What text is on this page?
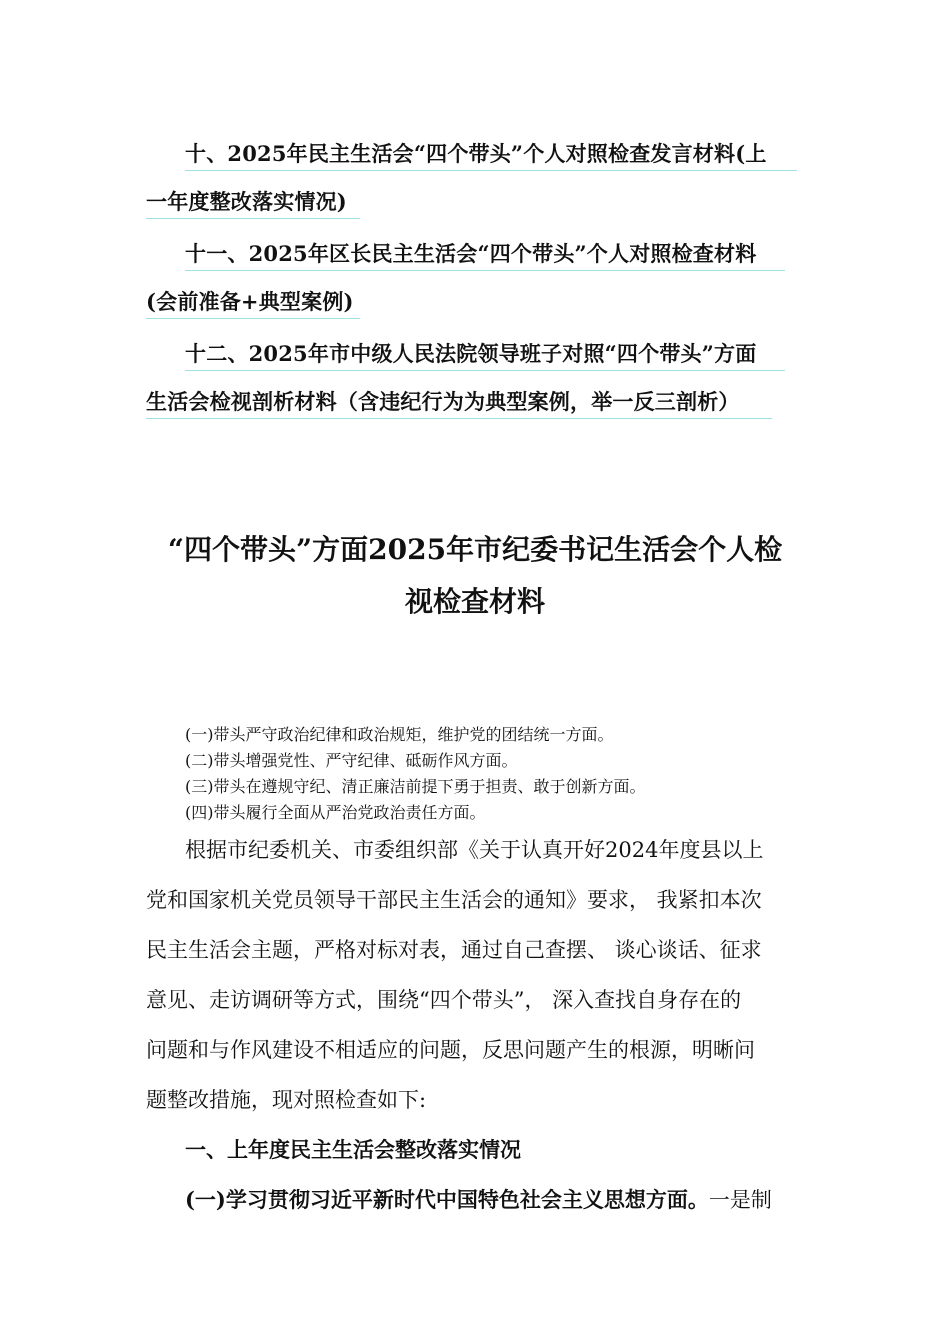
十、2025年民主生活会“四个带头”个人对照检查发言材料(上
一年度整改落实情况)
十一、2025年区长民主生活会“四个带头”个人对照检查材料
(会前准备+典型案例)
十二、2025年市中级人民法院领导班子对照“四个带头”方面
生活会检视剖析材料（含违纪行为为典型案例，举一反三剖析）
“四个带头”方面2025年市纪委书记生活会个人检
视检查材料
(一)带头严守政治纪律和政治规矩，维护党的团结统一方面。
(二)带头增强党性、严守纪律、砥砺作风方面。
(三)带头在遵规守纪、清正廉洁前提下勇于担责、敢于创新方面。
(四)带头履行全面从严治党政治责任方面。
根据市纪委机关、市委组织部《关于认真开好2024年度县以上
党和国家机关党员领导干部民主生活会的通知》要求， 我紧扣本次
民主生活会主题，严格对标对表，通过自己查摆、 谈心谈话、征求
意见、走访调研等方式，围绕“四个带头”， 深入查找自身存在的
问题和与作风建设不相适应的问题，反思问题产生的根源，明晰问
题整改措施，现对照检查如下:
一、上年度民主生活会整改落实情况
(一)学习贯彻习近平新时代中国特色社会主义思想方面。一是制
